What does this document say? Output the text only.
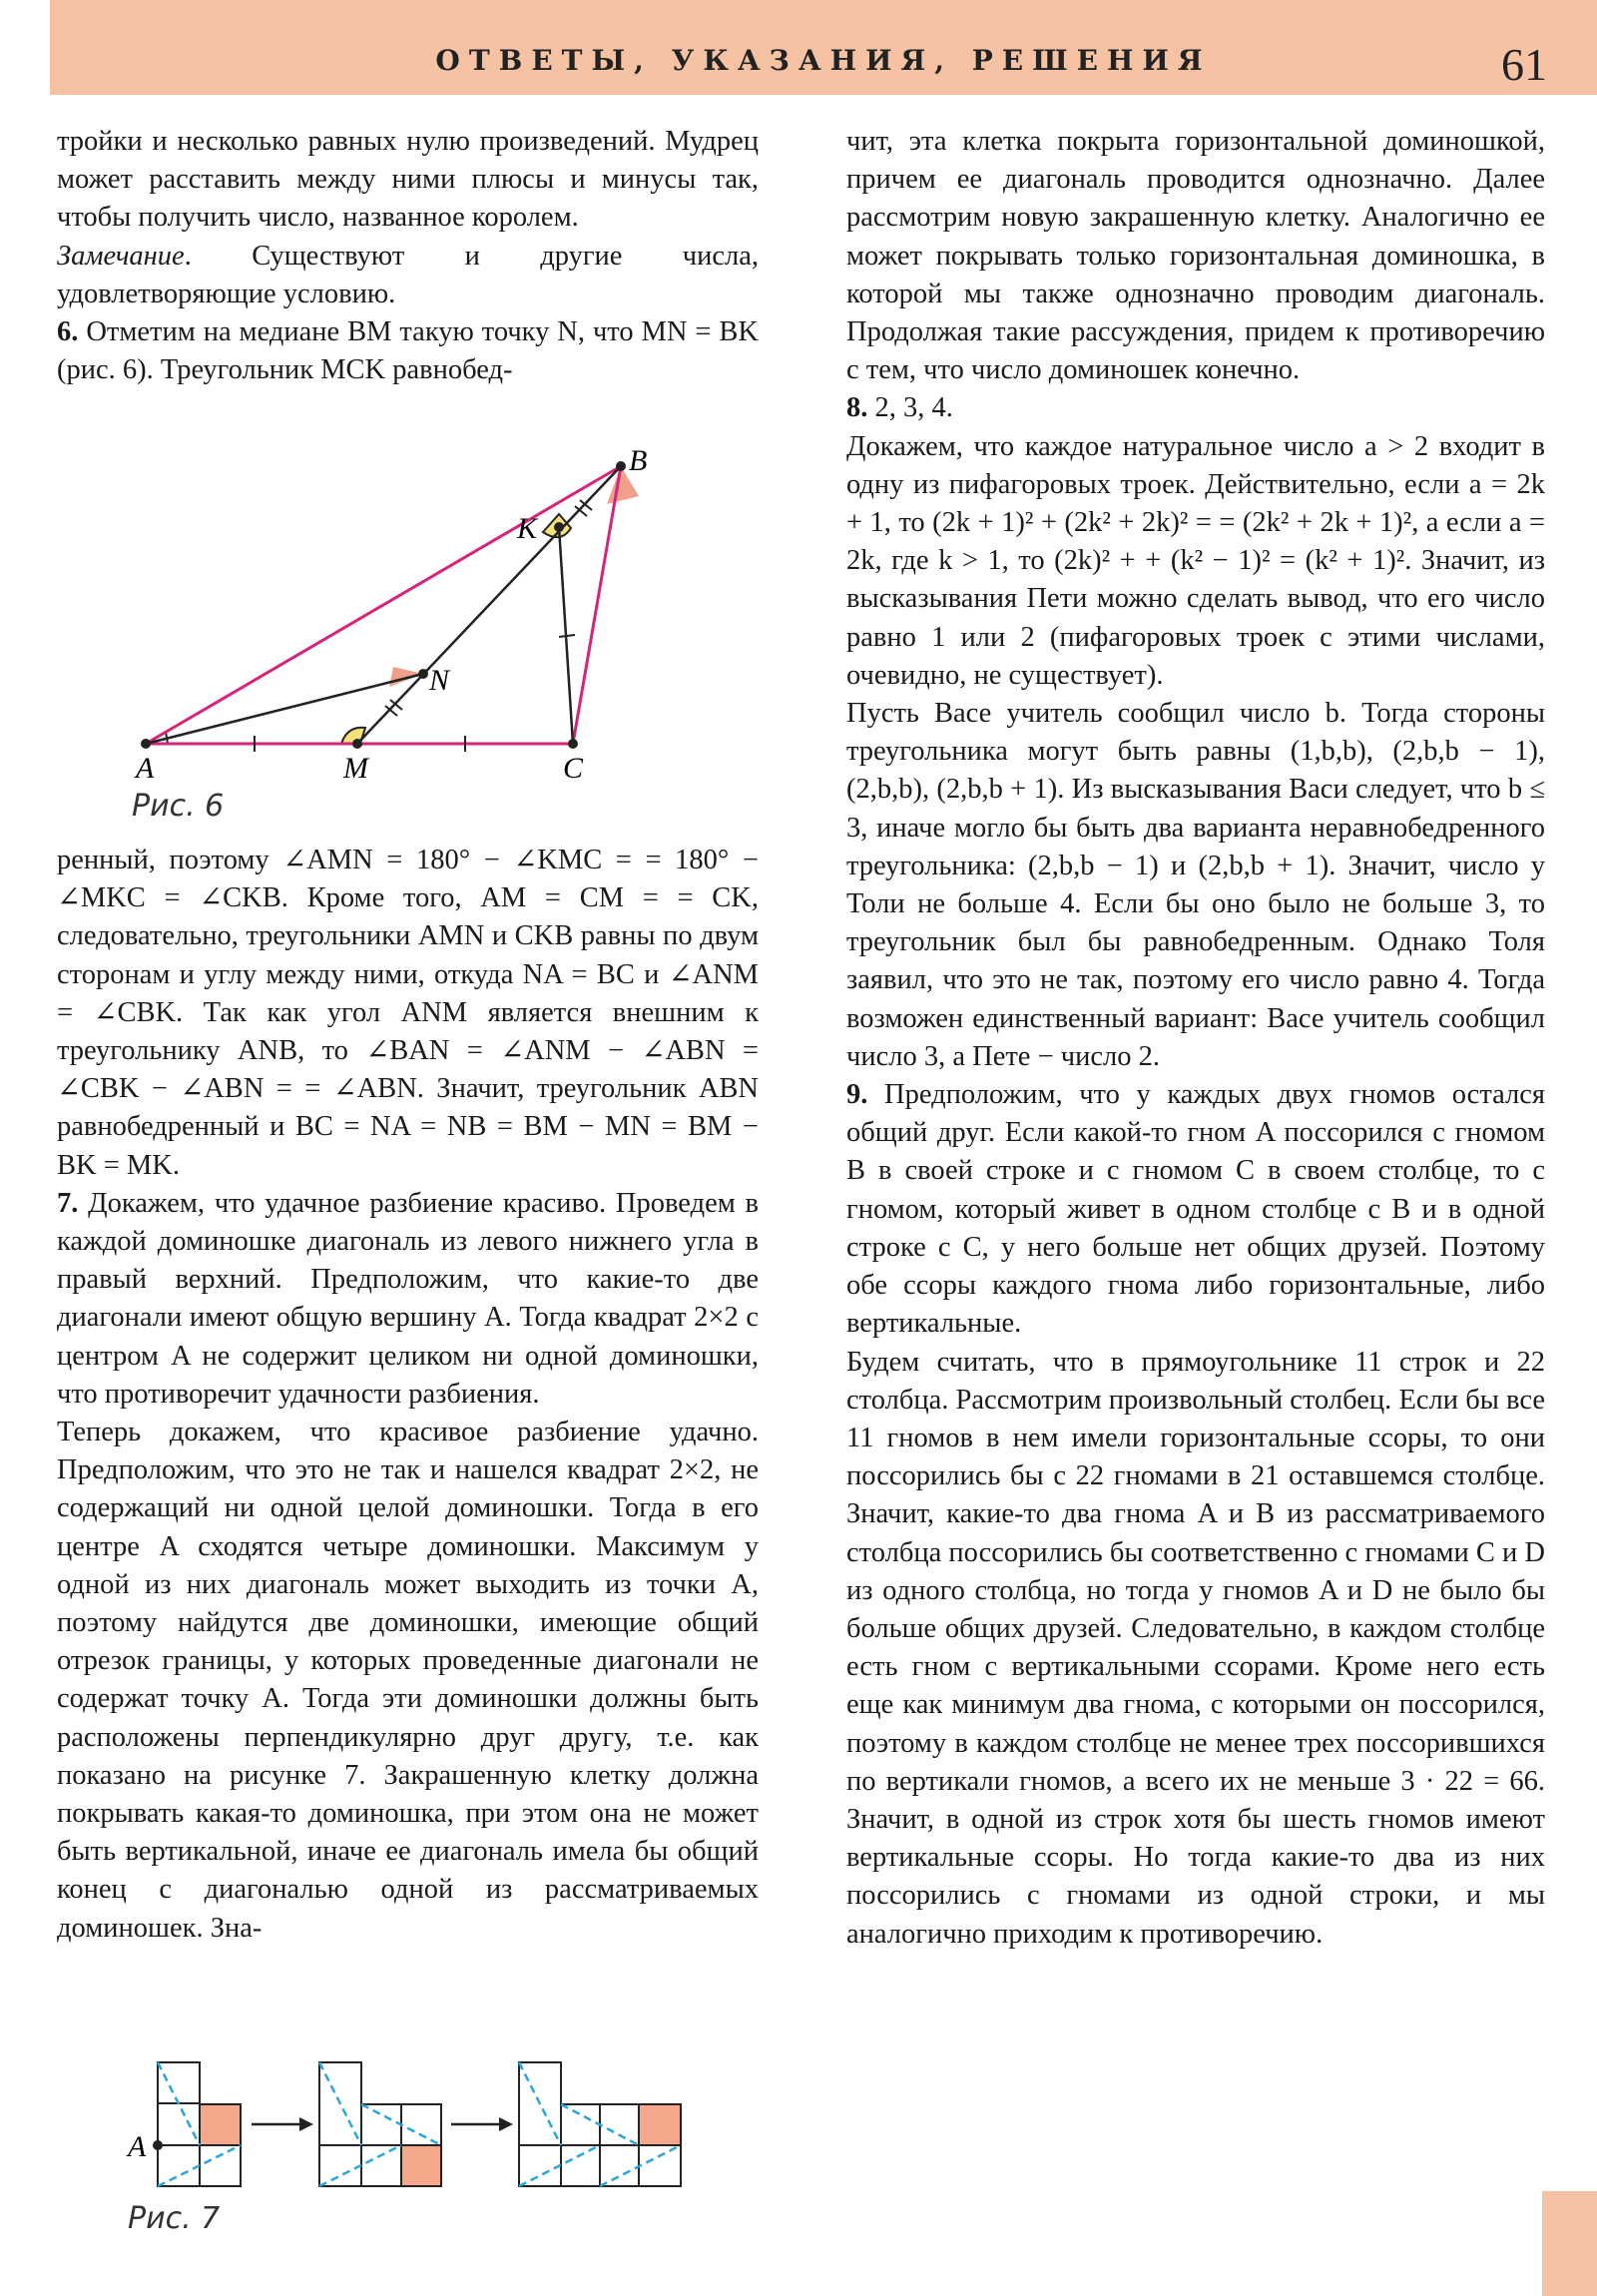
ОТВЕТЫ, УКАЗАНИЯ, РЕШЕНИЯ	61

тройки и несколько равных нулю произведений. Мудрец может расставить между ними плюсы и минусы так, чтобы получить число, названное королем.

Замечание. Существуют и другие числа, удовлетворяющие условию.

6. Отметим на медиане BM такую точку N, что MN = BK (рис. 6). Треугольник MCK равнобед-

A	M	C
N
K
B
Рис. 6

ренный, поэтому ∠AMN = 180° − ∠KMC = = 180° − ∠MKC = ∠CKB. Кроме того, AM = CM = = CK, следовательно, треугольники AMN и CKB равны по двум сторонам и углу между ними, откуда NA = BC и ∠ANM = ∠CBK. Так как угол ANM является внешним к треугольнику ANB, то ∠BAN = ∠ANM − ∠ABN = ∠CBK − ∠ABN = = ∠ABN. Значит, треугольник ABN равнобедренный и BC = NA = NB = BM − MN = BM − BK = MK.

7. Докажем, что удачное разбиение красиво. Проведем в каждой доминошке диагональ из левого нижнего угла в правый верхний. Предположим, что какие-то две диагонали имеют общую вершину A. Тогда квадрат 2×2 с центром A не содержит целиком ни одной доминошки, что противоречит удачности разбиения.

Теперь докажем, что красивое разбиение удачно. Предположим, что это не так и нашелся квадрат 2×2, не содержащий ни одной целой доминошки. Тогда в его центре A сходятся четыре доминошки. Максимум у одной из них диагональ может выходить из точки A, поэтому найдутся две доминошки, имеющие общий отрезок границы, у которых проведенные диагонали не содержат точку A. Тогда эти доминошки должны быть расположены перпендикулярно друг другу, т.е. как показано на рисунке 7. Закрашенную клетку должна покрывать какая-то доминошка, при этом она не может быть вертикальной, иначе ее диагональ имела бы общий конец с диагональю одной из рассматриваемых доминошек. Зна-

A
Рис. 7

чит, эта клетка покрыта горизонтальной доминошкой, причем ее диагональ проводится однозначно. Далее рассмотрим новую закрашенную клетку. Аналогично ее может покрывать только горизонтальная доминошка, в которой мы также однозначно проводим диагональ. Продолжая такие рассуждения, придем к противоречию с тем, что число доминошек конечно.

8. 2, 3, 4.

Докажем, что каждое натуральное число a > 2 входит в одну из пифагоровых троек. Действительно, если a = 2k + 1, то (2k + 1)² + (2k² + 2k)² = = (2k² + 2k + 1)², а если a = 2k, где k > 1, то (2k)² + + (k² − 1)² = (k² + 1)². Значит, из высказывания Пети можно сделать вывод, что его число равно 1 или 2 (пифагоровых троек с этими числами, очевидно, не существует).

Пусть Васе учитель сообщил число b. Тогда стороны треугольника могут быть равны (1,b,b), (2,b,b − 1), (2,b,b), (2,b,b + 1). Из высказывания Васи следует, что b ≤ 3, иначе могло бы быть два варианта неравнобедренного треугольника: (2,b,b − 1) и (2,b,b + 1). Значит, число у Толи не больше 4. Если бы оно было не больше 3, то треугольник был бы равнобедренным. Однако Толя заявил, что это не так, поэтому его число равно 4. Тогда возможен единственный вариант: Васе учитель сообщил число 3, а Пете − число 2.

9. Предположим, что у каждых двух гномов остался общий друг. Если какой-то гном A поссорился с гномом B в своей строке и с гномом C в своем столбце, то с гномом, который живет в одном столбце с B и в одной строке с C, у него больше нет общих друзей. Поэтому обе ссоры каждого гнома либо горизонтальные, либо вертикальные.

Будем считать, что в прямоугольнике 11 строк и 22 столбца. Рассмотрим произвольный столбец. Если бы все 11 гномов в нем имели горизонтальные ссоры, то они поссорились бы с 22 гномами в 21 оставшемся столбце. Значит, какие-то два гнома A и B из рассматриваемого столбца поссорились бы соответственно с гномами C и D из одного столбца, но тогда у гномов A и D не было бы больше общих друзей. Следовательно, в каждом столбце есть гном с вертикальными ссорами. Кроме него есть еще как минимум два гнома, с которыми он поссорился, поэтому в каждом столбце не менее трех поссорившихся по вертикали гномов, а всего их не меньше 3 · 22 = 66. Значит, в одной из строк хотя бы шесть гномов имеют вертикальные ссоры. Но тогда какие-то два из них поссорились с гномами из одной строки, и мы аналогично приходим к противоречию.
